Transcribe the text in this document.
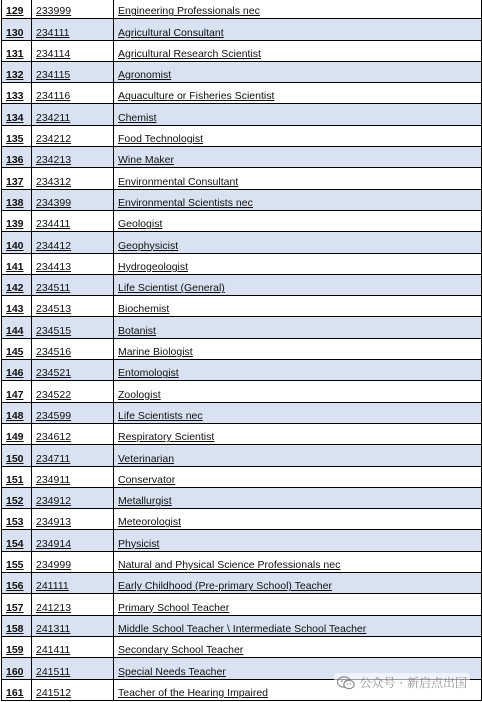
129	233999	Engineering Professionals nec
130	234111	Agricultural Consultant
131	234114	Agricultural Research Scientist
132	234115	Agronomist
133	234116	Aquaculture or Fisheries Scientist
134	234211	Chemist
135	234212	Food Technologist
136	234213	Wine Maker
137	234312	Environmental Consultant
138	234399	Environmental Scientists nec
139	234411	Geologist
140	234412	Geophysicist
141	234413	Hydrogeologist
142	234511	Life Scientist (General)
143	234513	Biochemist
144	234515	Botanist
145	234516	Marine Biologist
146	234521	Entomologist
147	234522	Zoologist
148	234599	Life Scientists nec
149	234612	Respiratory Scientist
150	234711	Veterinarian
151	234911	Conservator
152	234912	Metallurgist
153	234913	Meteorologist
154	234914	Physicist
155	234999	Natural and Physical Science Professionals nec
156	241111	Early Childhood (Pre-primary School) Teacher
157	241213	Primary School Teacher
158	241311	Middle School Teacher \ Intermediate School Teacher
159	241411	Secondary School Teacher
160	241511	Special Needs Teacher
161	241512	Teacher of the Hearing Impaired
公众号 · 新启点出国
